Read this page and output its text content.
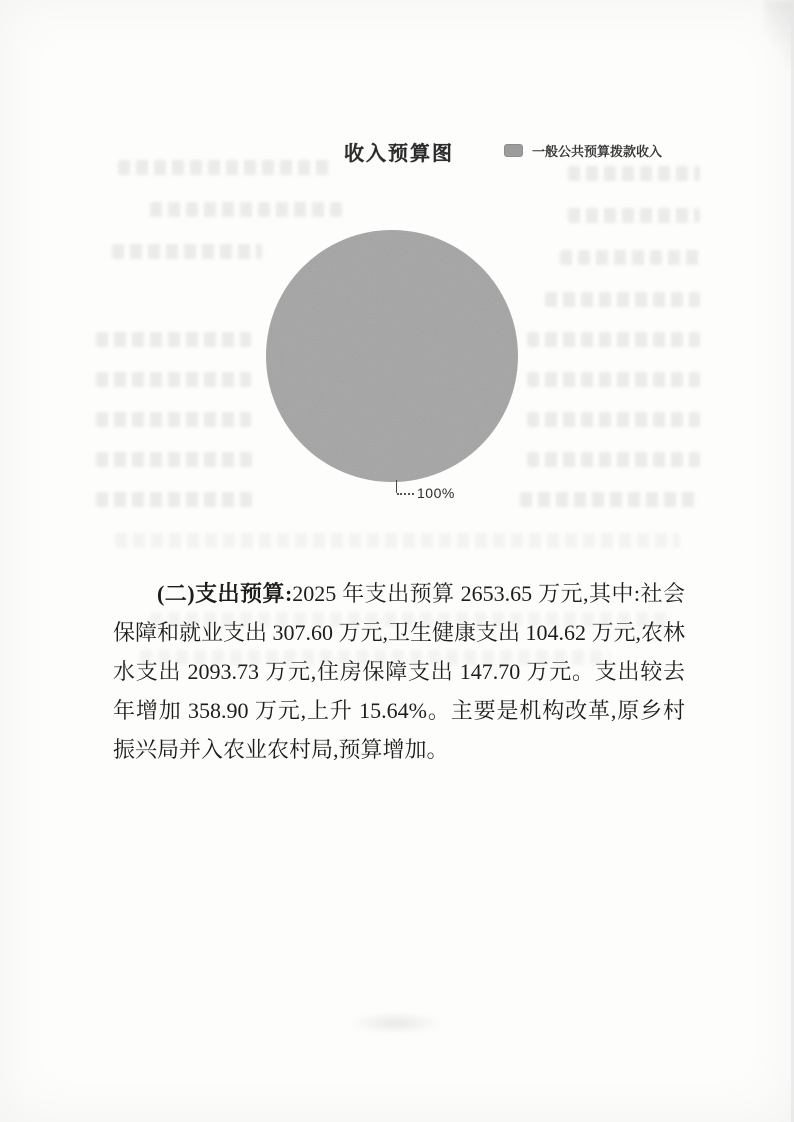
收入预算图	一般公共预算拨款收入
100%

(二)支出预算:2025 年支出预算 2653.65 万元,其中:社会保障和就业支出 307.60 万元,卫生健康支出 104.62 万元,农林水支出 2093.73 万元,住房保障支出 147.70 万元。支出较去年增加 358.90 万元,上升 15.64%。主要是机构改革,原乡村振兴局并入农业农村局,预算增加。
